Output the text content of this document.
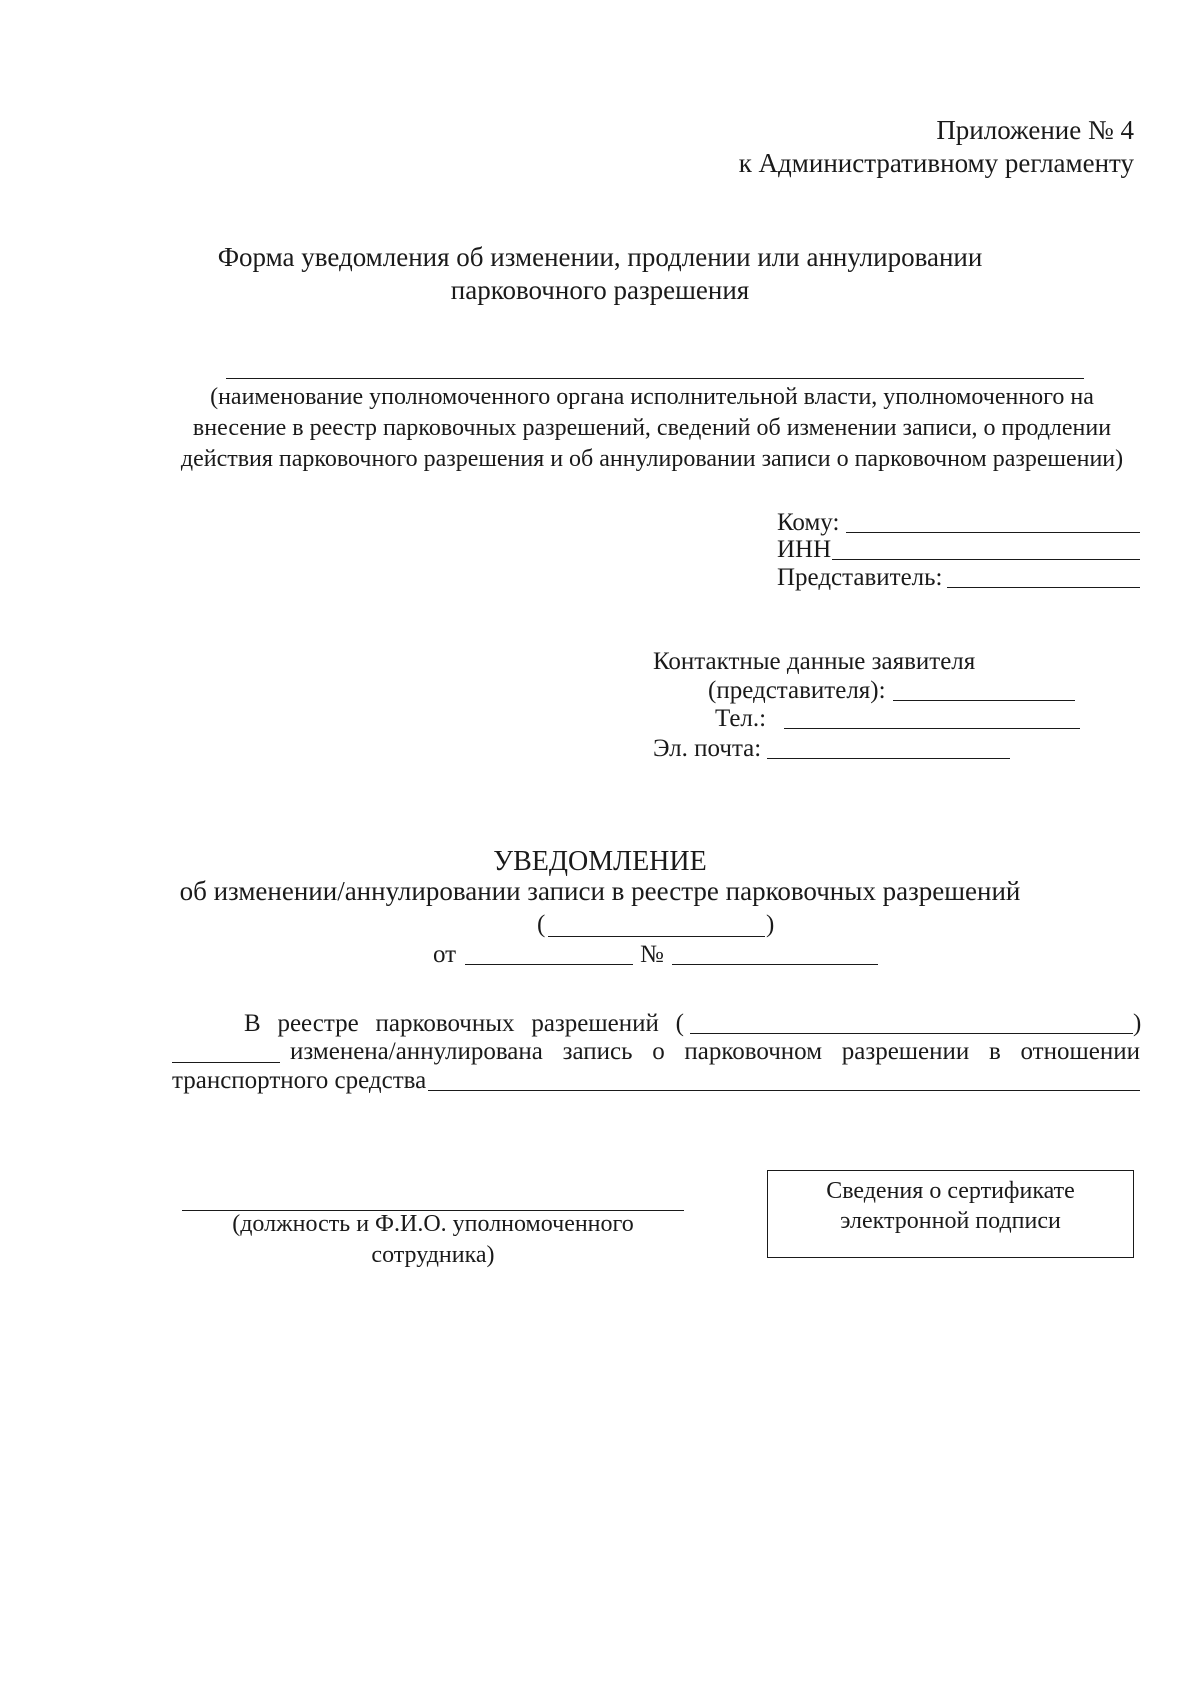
Приложение № 4
к Административному регламенту
Форма уведомления об изменении, продлении или аннулировании
парковочного разрешения
(наименование уполномоченного органа исполнительной власти, уполномоченного на
внесение в реестр парковочных разрешений, сведений об изменении записи, о продлении
действия парковочного разрешения и об аннулировании записи о парковочном разрешении)
Кому:
ИНН
Представитель:
Контактные данные заявителя
(представителя):
Тел.:
Эл. почта:
УВЕДОМЛЕНИЕ
об изменении/аннулировании записи в реестре парковочных разрешений
(	)
от	№
В реестре парковочных разрешений (	)
изменена/аннулирована запись о парковочном разрешении в отношении
транспортного средства
(должность и Ф.И.О. уполномоченного
сотрудника)
Сведения о сертификате
электронной подписи
